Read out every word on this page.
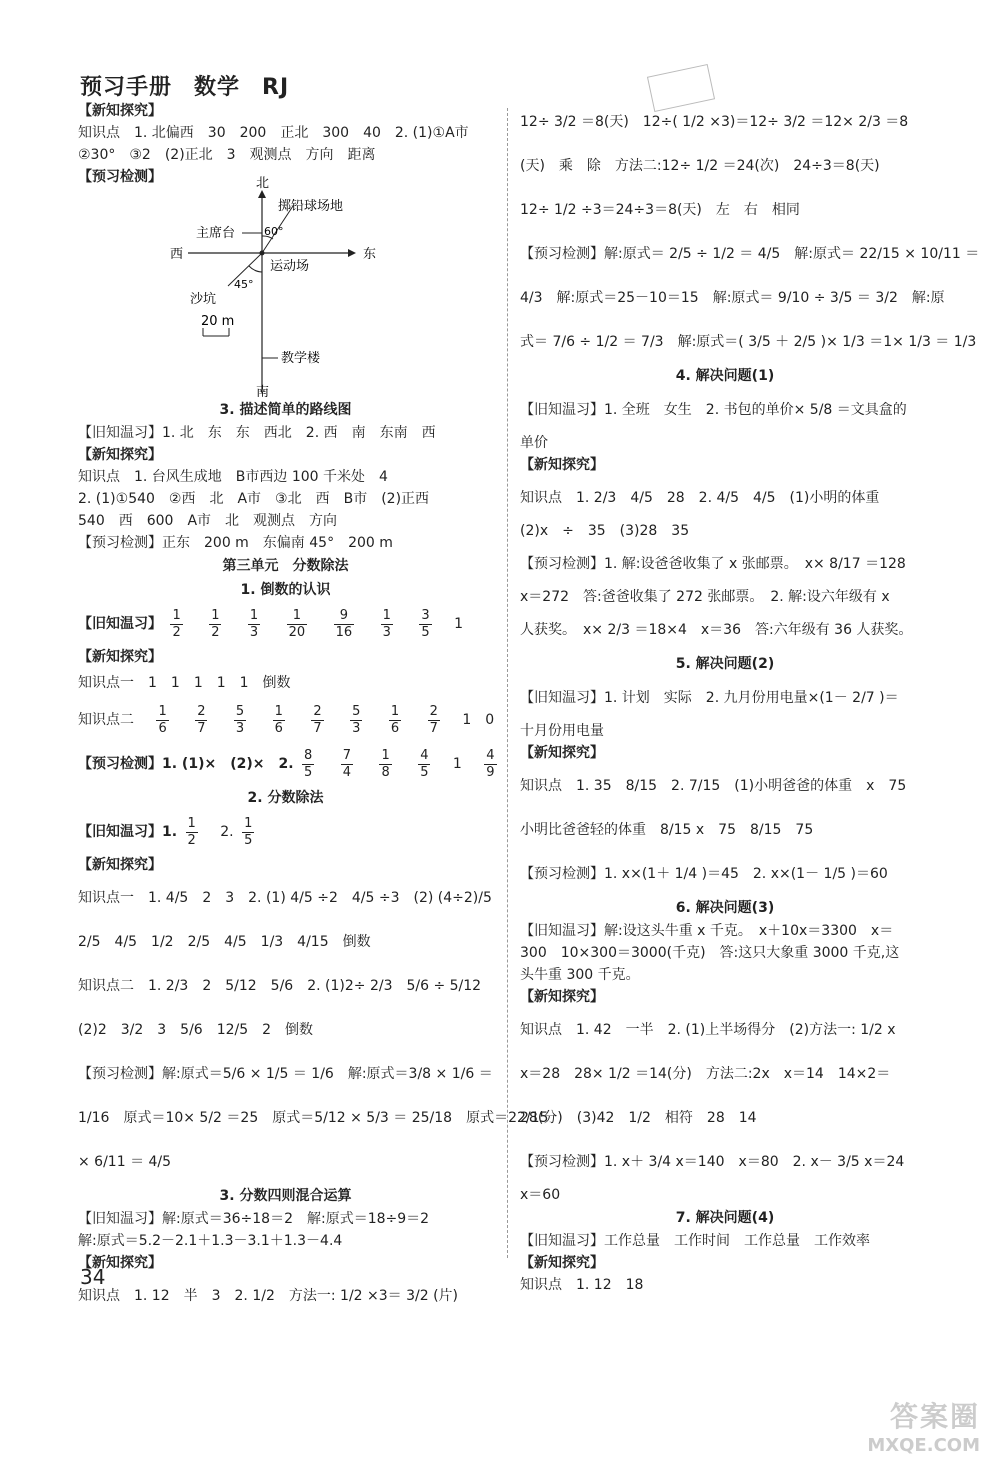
预习手册 数学 RJ
【新知探究】
知识点　1. 北偏西　30　200　正北　300　40　2. (1)①A市
②30°　③2　(2)正北　3　观测点　方向　距离
【预习检测】	北
南
东
西
主席台
掷铅球场地
60°
运动场
沙坑
45°
20 m
教学楼
3. 描述简单的路线图
【旧知温习】1. 北　东　东　西北　2. 西　南　东南　西
【新知探究】
知识点　1. 台风生成地　B市西边 100 千米处　4
2. (1)①540　②西　北　A市　③北　西　B市　(2)正西
540　西　600　A市　北　观测点　方向
【预习检测】正东　200 m　东偏南 45°　200 m
第三单元　分数除法
1. 倒数的认识
【旧知温习】 $\frac{1}{2}$
$\frac{1}{2}$
$\frac{1}{3}$
$\frac{1}{20}$
$\frac{9}{16}$
$\frac{1}{3}$
$\frac{3}{5} 1$
【新知探究】
知识点一　1　1　1　1　1　倒数
知识点二 $\frac{1}{6}$
$\frac{2}{7}$
$\frac{5}{3}$
$\frac{1}{6}$
$\frac{2}{7}$
$\frac{5}{3}$
$\frac{1}{6}$
$\frac{2}{7} 1$　0
【预习检测】1. (1)×　(2)×　2. $\frac{8}{5}$
$\frac{7}{4}$
$\frac{1}{8}$
$\frac{4}{5} 1 \frac{4}{9}$
2. 分数除法
【旧知温习】1. $\frac{1}{2} 2$. $\frac{1}{5}$
【新知探究】
知识点一　1. 4/5　2　3　2. (1) 4/5 ÷2　4/5 ÷3　(2) (4÷2)/5
2/5　4/5　1/2　2/5　4/5　1/3　4/15　倒数
知识点二　1. 2/3　2　5/12　5/6　2. (1)2÷ 2/3　5/6 ÷ 5/12
(2)2　3/2　3　5/6　12/5　2　倒数
【预习检测】解:原式＝5/6 × 1/5 ＝ 1/6　解:原式＝3/8 × 1/6 ＝
1/16　原式＝10× 5/2 ＝25　原式＝5/12 × 5/3 ＝ 25/18　原式＝22/15
× 6/11 ＝ 4/5
3. 分数四则混合运算
【旧知温习】解:原式＝36÷18＝2　解:原式＝18÷9＝2
解:原式＝5.2－2.1＋1.3－3.1＋1.3－4.4
【新知探究】
知识点　1. 12　半　3　2. 1/2　方法一: 1/2 ×3＝ 3/2 (片)
12÷ 3/2 ＝8(天)　12÷( 1/2 ×3)＝12÷ 3/2 ＝12× 2/3 ＝8
(天)　乘　除　方法二:12÷ 1/2 ＝24(次)　24÷3＝8(天)
12÷ 1/2 ÷3＝24÷3＝8(天)　左　右　相同
【预习检测】解:原式＝ 2/5 ÷ 1/2 ＝ 4/5　解:原式＝ 22/15 × 10/11 ＝
4/3　解:原式＝25－10＝15　解:原式＝ 9/10 ÷ 3/5 ＝ 3/2　解:原
式＝ 7/6 ÷ 1/2 ＝ 7/3　解:原式＝( 3/5 ＋ 2/5 )× 1/3 ＝1× 1/3 ＝ 1/3
4. 解决问题(1)
【旧知温习】1. 全班　女生　2. 书包的单价× 5/8 ＝文具盒的
单价
【新知探究】
知识点　1. 2/3　4/5　28　2. 4/5　4/5　(1)小明的体重
(2)x　÷　35　(3)28　35
【预习检测】1. 解:设爸爸收集了 x 张邮票。　x× 8/17 ＝128
x＝272　答:爸爸收集了 272 张邮票。　2. 解:设六年级有 x
人获奖。　x× 2/3 ＝18×4　x＝36　答:六年级有 36 人获奖。
5. 解决问题(2)
【旧知温习】1. 计划　实际　2. 九月份用电量×(1－ 2/7 )＝
十月份用电量
【新知探究】
知识点　1. 35　8/15　2. 7/15　(1)小明爸爸的体重　x　75
小明比爸爸轻的体重　8/15 x　75　8/15　75
【预习检测】1. x×(1＋ 1/4 )＝45　2. x×(1－ 1/5 )＝60
6. 解决问题(3)
【旧知温习】解:设这头牛重 x 千克。　x＋10x＝3300　x＝
300　10×300＝3000(千克)　答:这只大象重 3000 千克,这
头牛重 300 千克。
【新知探究】
知识点　1. 42　一半　2. (1)上半场得分　(2)方法一: 1/2 x
x＝28　28× 1/2 ＝14(分)　方法二:2x　x＝14　14×2＝
28(分)　(3)42　1/2　相符　28　14
【预习检测】1. x＋ 3/4 x＝140　x＝80　2. x－ 3/5 x＝24
x＝60
7. 解决问题(4)
【旧知温习】工作总量　工作时间　工作总量　工作效率
【新知探究】
知识点　1. 12　18
34
答案圈
MXQE.COM
